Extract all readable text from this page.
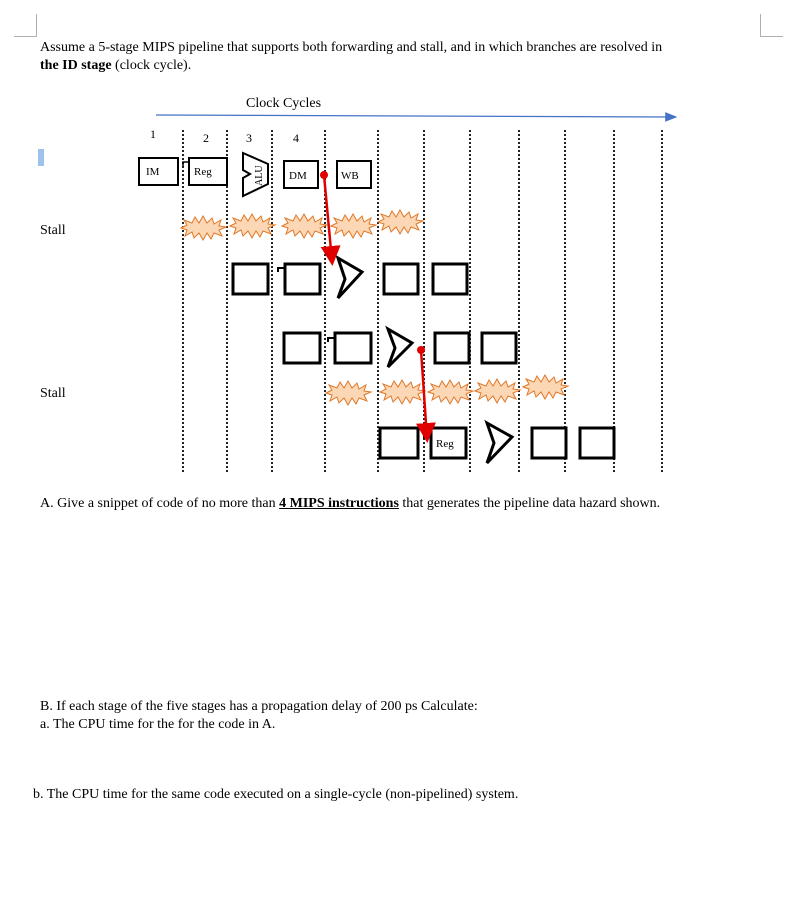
Assume a 5-stage MIPS pipeline that supports both forwarding and stall, and in which branches are resolved in
the ID stage (clock cycle).
Clock Cycles
1	2	3	4
IM	Reg	ALU DM	WB
Reg
Stall
Stall
A. Give a snippet of code of no more than 4 MIPS instructions that generates the pipeline data hazard shown.
B. If each stage of the five stages has a propagation delay of 200 ps Calculate:
a. The CPU time for the for the code in A.
b. The CPU time for the same code executed on a single-cycle (non-pipelined) system.
